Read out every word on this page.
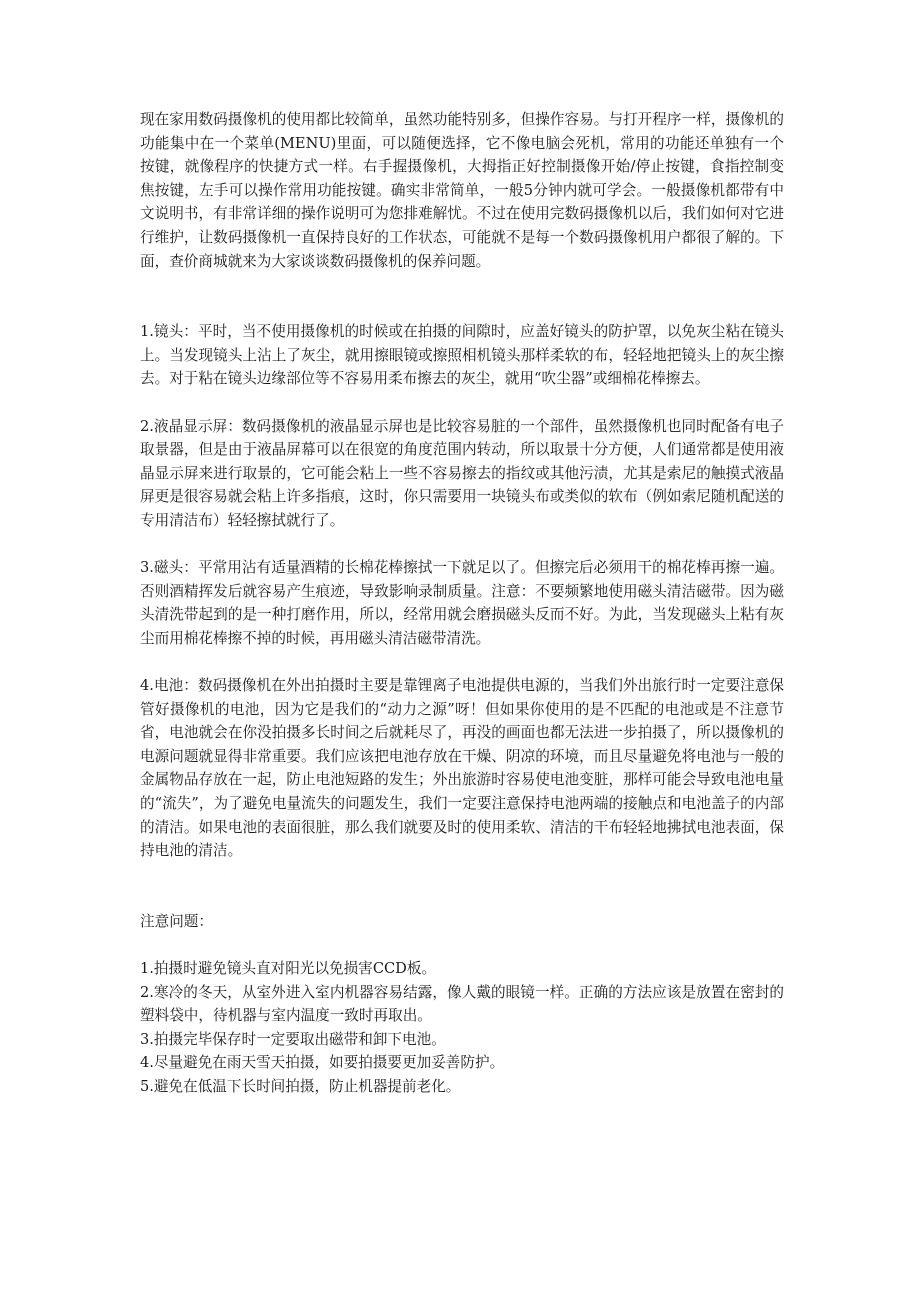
现在家用数码摄像机的使用都比较简单，虽然功能特别多，但操作容易。与打开程序一样，摄像机的功能集中在一个菜单(MENU)里面，可以随便选择，它不像电脑会死机，常用的功能还单独有一个按键，就像程序的快捷方式一样。右手握摄像机，大拇指正好控制摄像开始/停止按键，食指控制变焦按键，左手可以操作常用功能按键。确实非常简单，一般5分钟内就可学会。一般摄像机都带有中文说明书，有非常详细的操作说明可为您排难解忧。不过在使用完数码摄像机以后，我们如何对它进行维护，让数码摄像机一直保持良好的工作状态，可能就不是每一个数码摄像机用户都很了解的。下面，查价商城就来为大家谈谈数码摄像机的保养问题。

1.镜头：平时，当不使用摄像机的时候或在拍摄的间隙时，应盖好镜头的防护罩，以免灰尘粘在镜头上。当发现镜头上沾上了灰尘，就用擦眼镜或擦照相机镜头那样柔软的布，轻轻地把镜头上的灰尘擦去。对于粘在镜头边缘部位等不容易用柔布擦去的灰尘，就用“吹尘器”或细棉花棒擦去。

2.液晶显示屏：数码摄像机的液晶显示屏也是比较容易脏的一个部件，虽然摄像机也同时配备有电子取景器，但是由于液晶屏幕可以在很宽的角度范围内转动，所以取景十分方便，人们通常都是使用液晶显示屏来进行取景的，它可能会粘上一些不容易擦去的指纹或其他污渍，尤其是索尼的触摸式液晶屏更是很容易就会粘上许多指痕，这时，你只需要用一块镜头布或类似的软布（例如索尼随机配送的专用清洁布）轻轻擦拭就行了。

3.磁头：平常用沾有适量酒精的长棉花棒擦拭一下就足以了。但擦完后必须用干的棉花棒再擦一遍。否则酒精挥发后就容易产生痕迹，导致影响录制质量。注意：不要频繁地使用磁头清洁磁带。因为磁头清洗带起到的是一种打磨作用，所以，经常用就会磨损磁头反而不好。为此，当发现磁头上粘有灰尘而用棉花棒擦不掉的时候，再用磁头清洁磁带清洗。

4.电池：数码摄像机在外出拍摄时主要是靠锂离子电池提供电源的，当我们外出旅行时一定要注意保管好摄像机的电池，因为它是我们的“动力之源”呀！但如果你使用的是不匹配的电池或是不注意节省，电池就会在你没拍摄多长时间之后就耗尽了，再没的画面也都无法进一步拍摄了，所以摄像机的电源问题就显得非常重要。我们应该把电池存放在干燥、阴凉的环境，而且尽量避免将电池与一般的金属物品存放在一起，防止电池短路的发生；外出旅游时容易使电池变脏，那样可能会导致电池电量的“流失”，为了避免电量流失的问题发生，我们一定要注意保持电池两端的接触点和电池盖子的内部的清洁。如果电池的表面很脏，那么我们就要及时的使用柔软、清洁的干布轻轻地拂拭电池表面，保持电池的清洁。

注意问题：

1.拍摄时避免镜头直对阳光以免损害CCD板。
2.寒冷的冬天，从室外进入室内机器容易结露，像人戴的眼镜一样。正确的方法应该是放置在密封的塑料袋中，待机器与室内温度一致时再取出。
3.拍摄完毕保存时一定要取出磁带和卸下电池。
4.尽量避免在雨天雪天拍摄，如要拍摄要更加妥善防护。
5.避免在低温下长时间拍摄，防止机器提前老化。
